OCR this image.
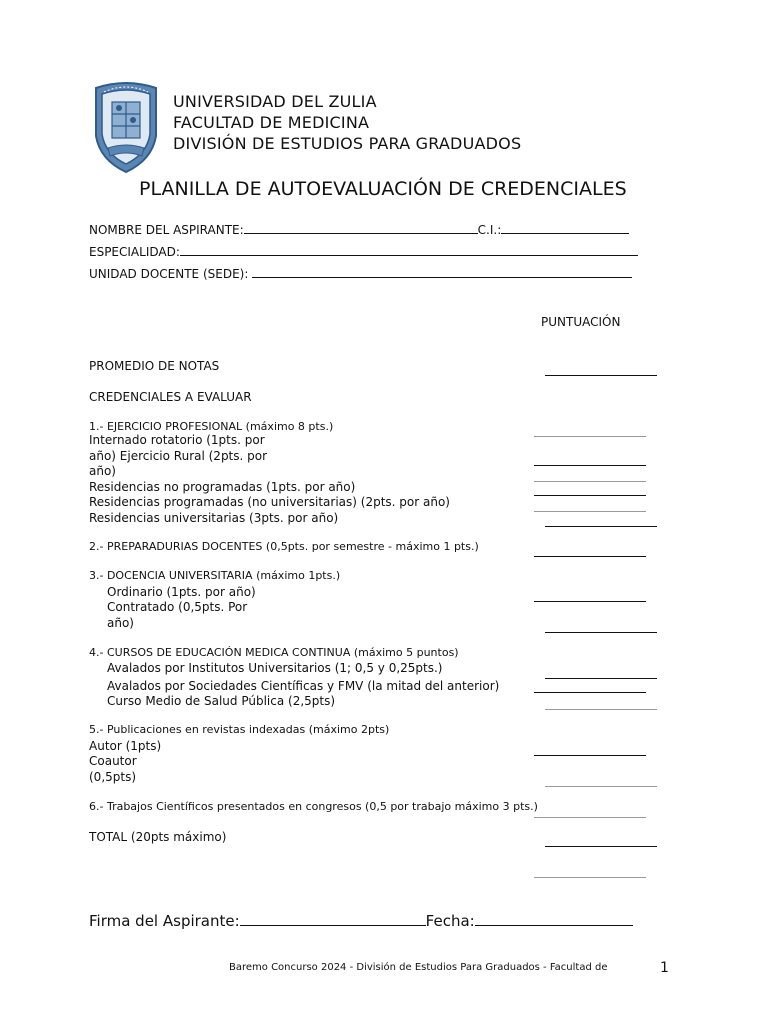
UNIVERSIDAD DEL ZULIA
FACULTAD DE MEDICINA
DIVISIÓN DE ESTUDIOS PARA GRADUADOS
PLANILLA DE AUTOEVALUACIÓN DE CREDENCIALES
NOMBRE DEL ASPIRANTE:	C.I.:
ESPECIALIDAD:
UNIDAD DOCENTE (SEDE):
PUNTUACIÓN
PROMEDIO DE NOTAS
CREDENCIALES A EVALUAR
1.- EJERCICIO PROFESIONAL (máximo 8 pts.)
Internado rotatorio (1pts. por
año) Ejercicio Rural (2pts. por
año)
Residencias no programadas (1pts. por año)
Residencias programadas (no universitarias) (2pts. por año)
Residencias universitarias (3pts. por año)
2.- PREPARADURIAS DOCENTES (0,5pts. por semestre - máximo 1 pts.)
3.- DOCENCIA UNIVERSITARIA (máximo 1pts.)
Ordinario (1pts. por año)
Contratado (0,5pts. Por
año)
4.- CURSOS DE EDUCACIÓN MEDICA CONTINUA (máximo 5 puntos)
Avalados por Institutos Universitarios (1; 0,5 y 0,25pts.)
Avalados por Sociedades Científicas y FMV (la mitad del anterior)
Curso Medio de Salud Pública (2,5pts)
5.- Publicaciones en revistas indexadas (máximo 2pts)
Autor (1pts)
Coautor
(0,5pts)
6.- Trabajos Científicos presentados en congresos (0,5 por trabajo máximo 3 pts.)
TOTAL (20pts máximo)
Firma del Aspirante:	Fecha:
Baremo Concurso 2024 - División de Estudios Para Graduados - Facultad de	1
